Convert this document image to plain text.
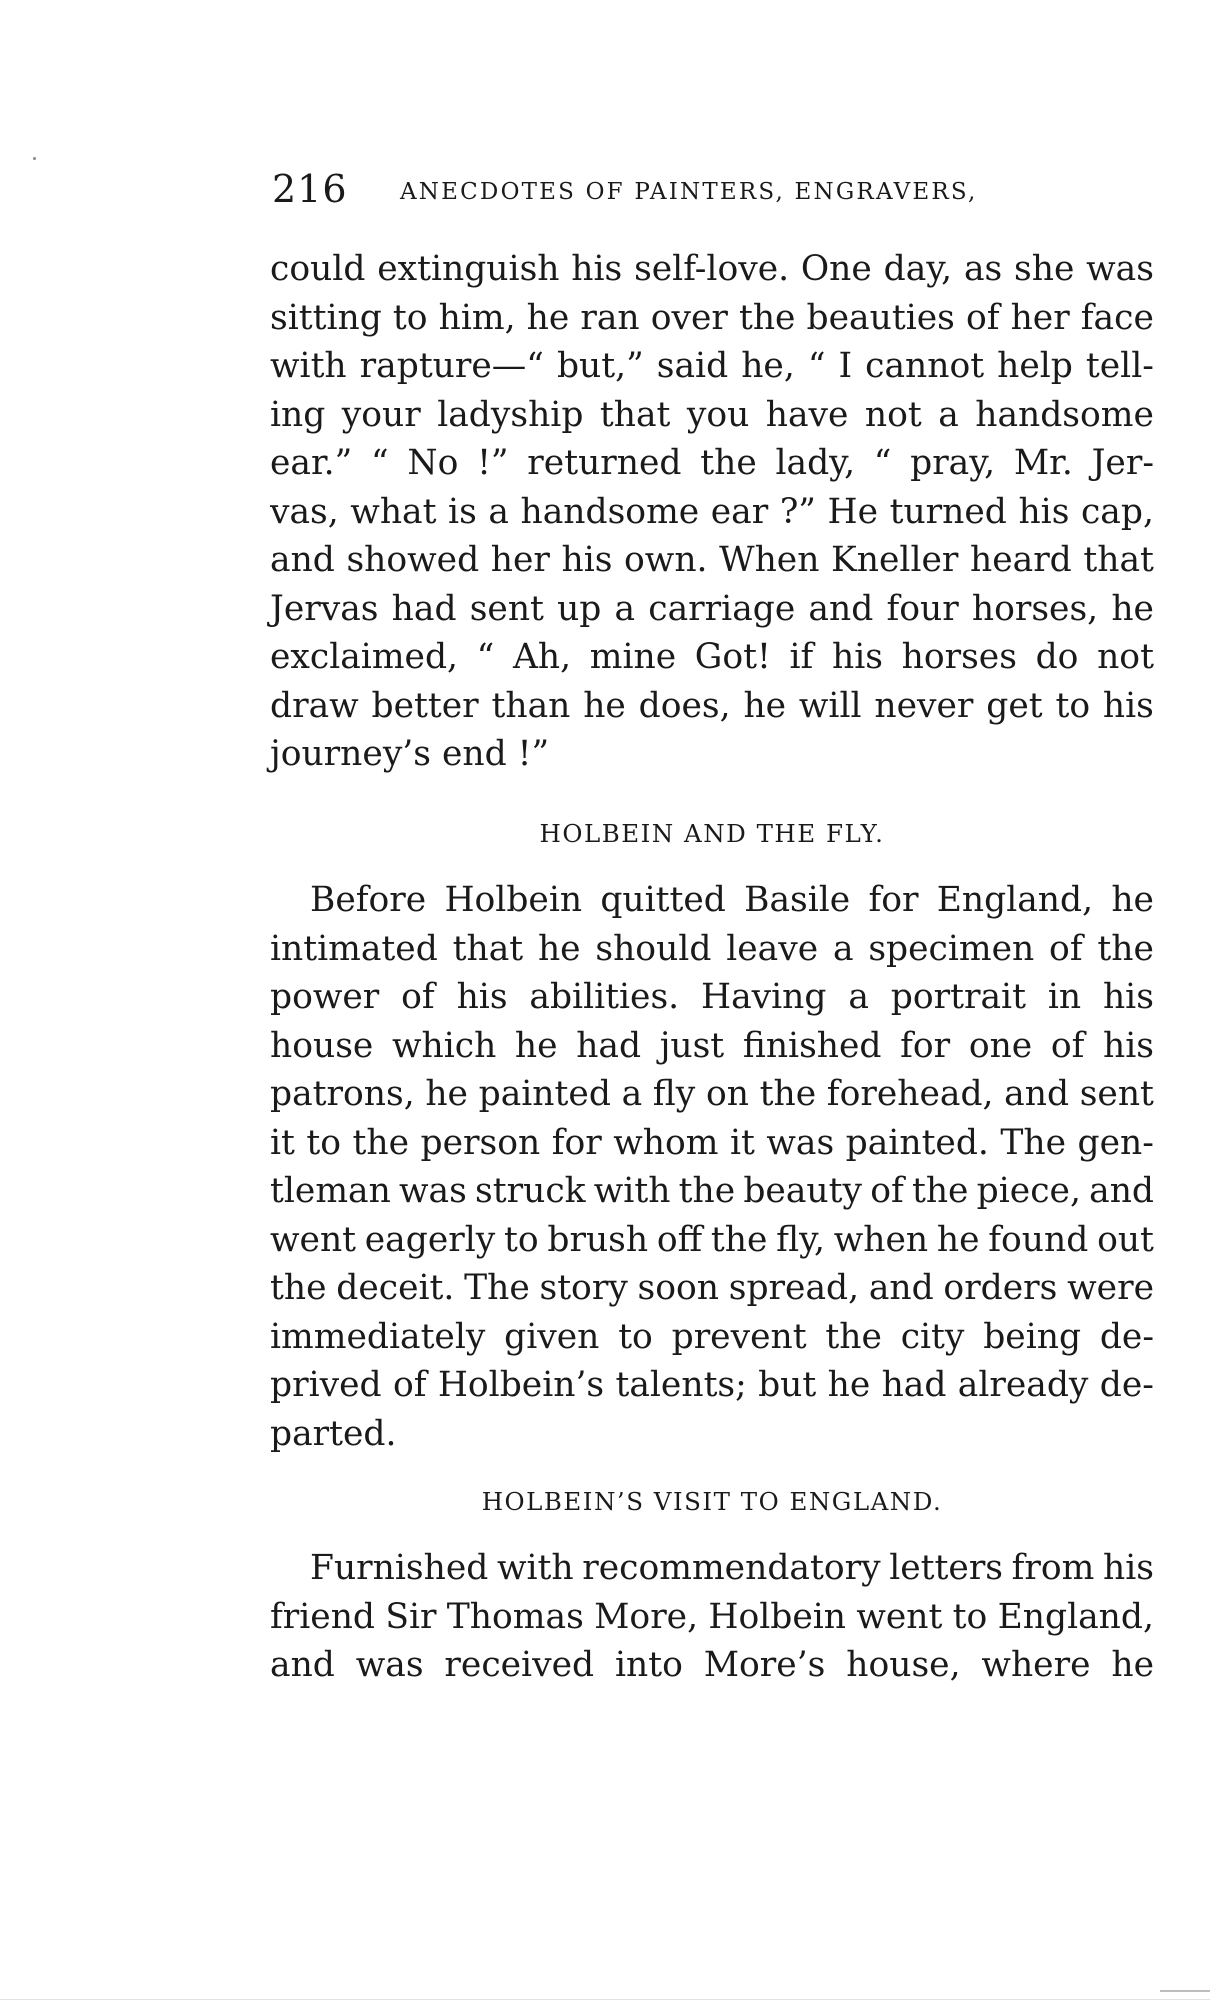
216 ANECDOTES OF PAINTERS, ENGRAVERS,
could extinguish his self-love. One day, as she was
sitting to him, he ran over the beauties of her face
with rapture—“ but,” said he, “ I cannot help tell-
ing your ladyship that you have not a handsome
ear.” “ No !” returned the lady, “ pray, Mr. Jer-
vas, what is a handsome ear ?” He turned his cap,
and showed her his own. When Kneller heard that
Jervas had sent up a carriage and four horses, he
exclaimed, “ Ah, mine Got! if his horses do not
draw better than he does, he will never get to his
journey’s end !”
HOLBEIN AND THE FLY.
Before Holbein quitted Basile for England, he
intimated that he should leave a specimen of the
power of his abilities. Having a portrait in his
house which he had just finished for one of his
patrons, he painted a fly on the forehead, and sent
it to the person for whom it was painted. The gen-
tleman was struck with the beauty of the piece, and
went eagerly to brush off the fly, when he found out
the deceit. The story soon spread, and orders were
immediately given to prevent the city being de-
prived of Holbein’s talents; but he had already de-
parted.
HOLBEIN’S VISIT TO ENGLAND.
Furnished with recommendatory letters from his
friend Sir Thomas More, Holbein went to England,
and was received into More’s house, where he
